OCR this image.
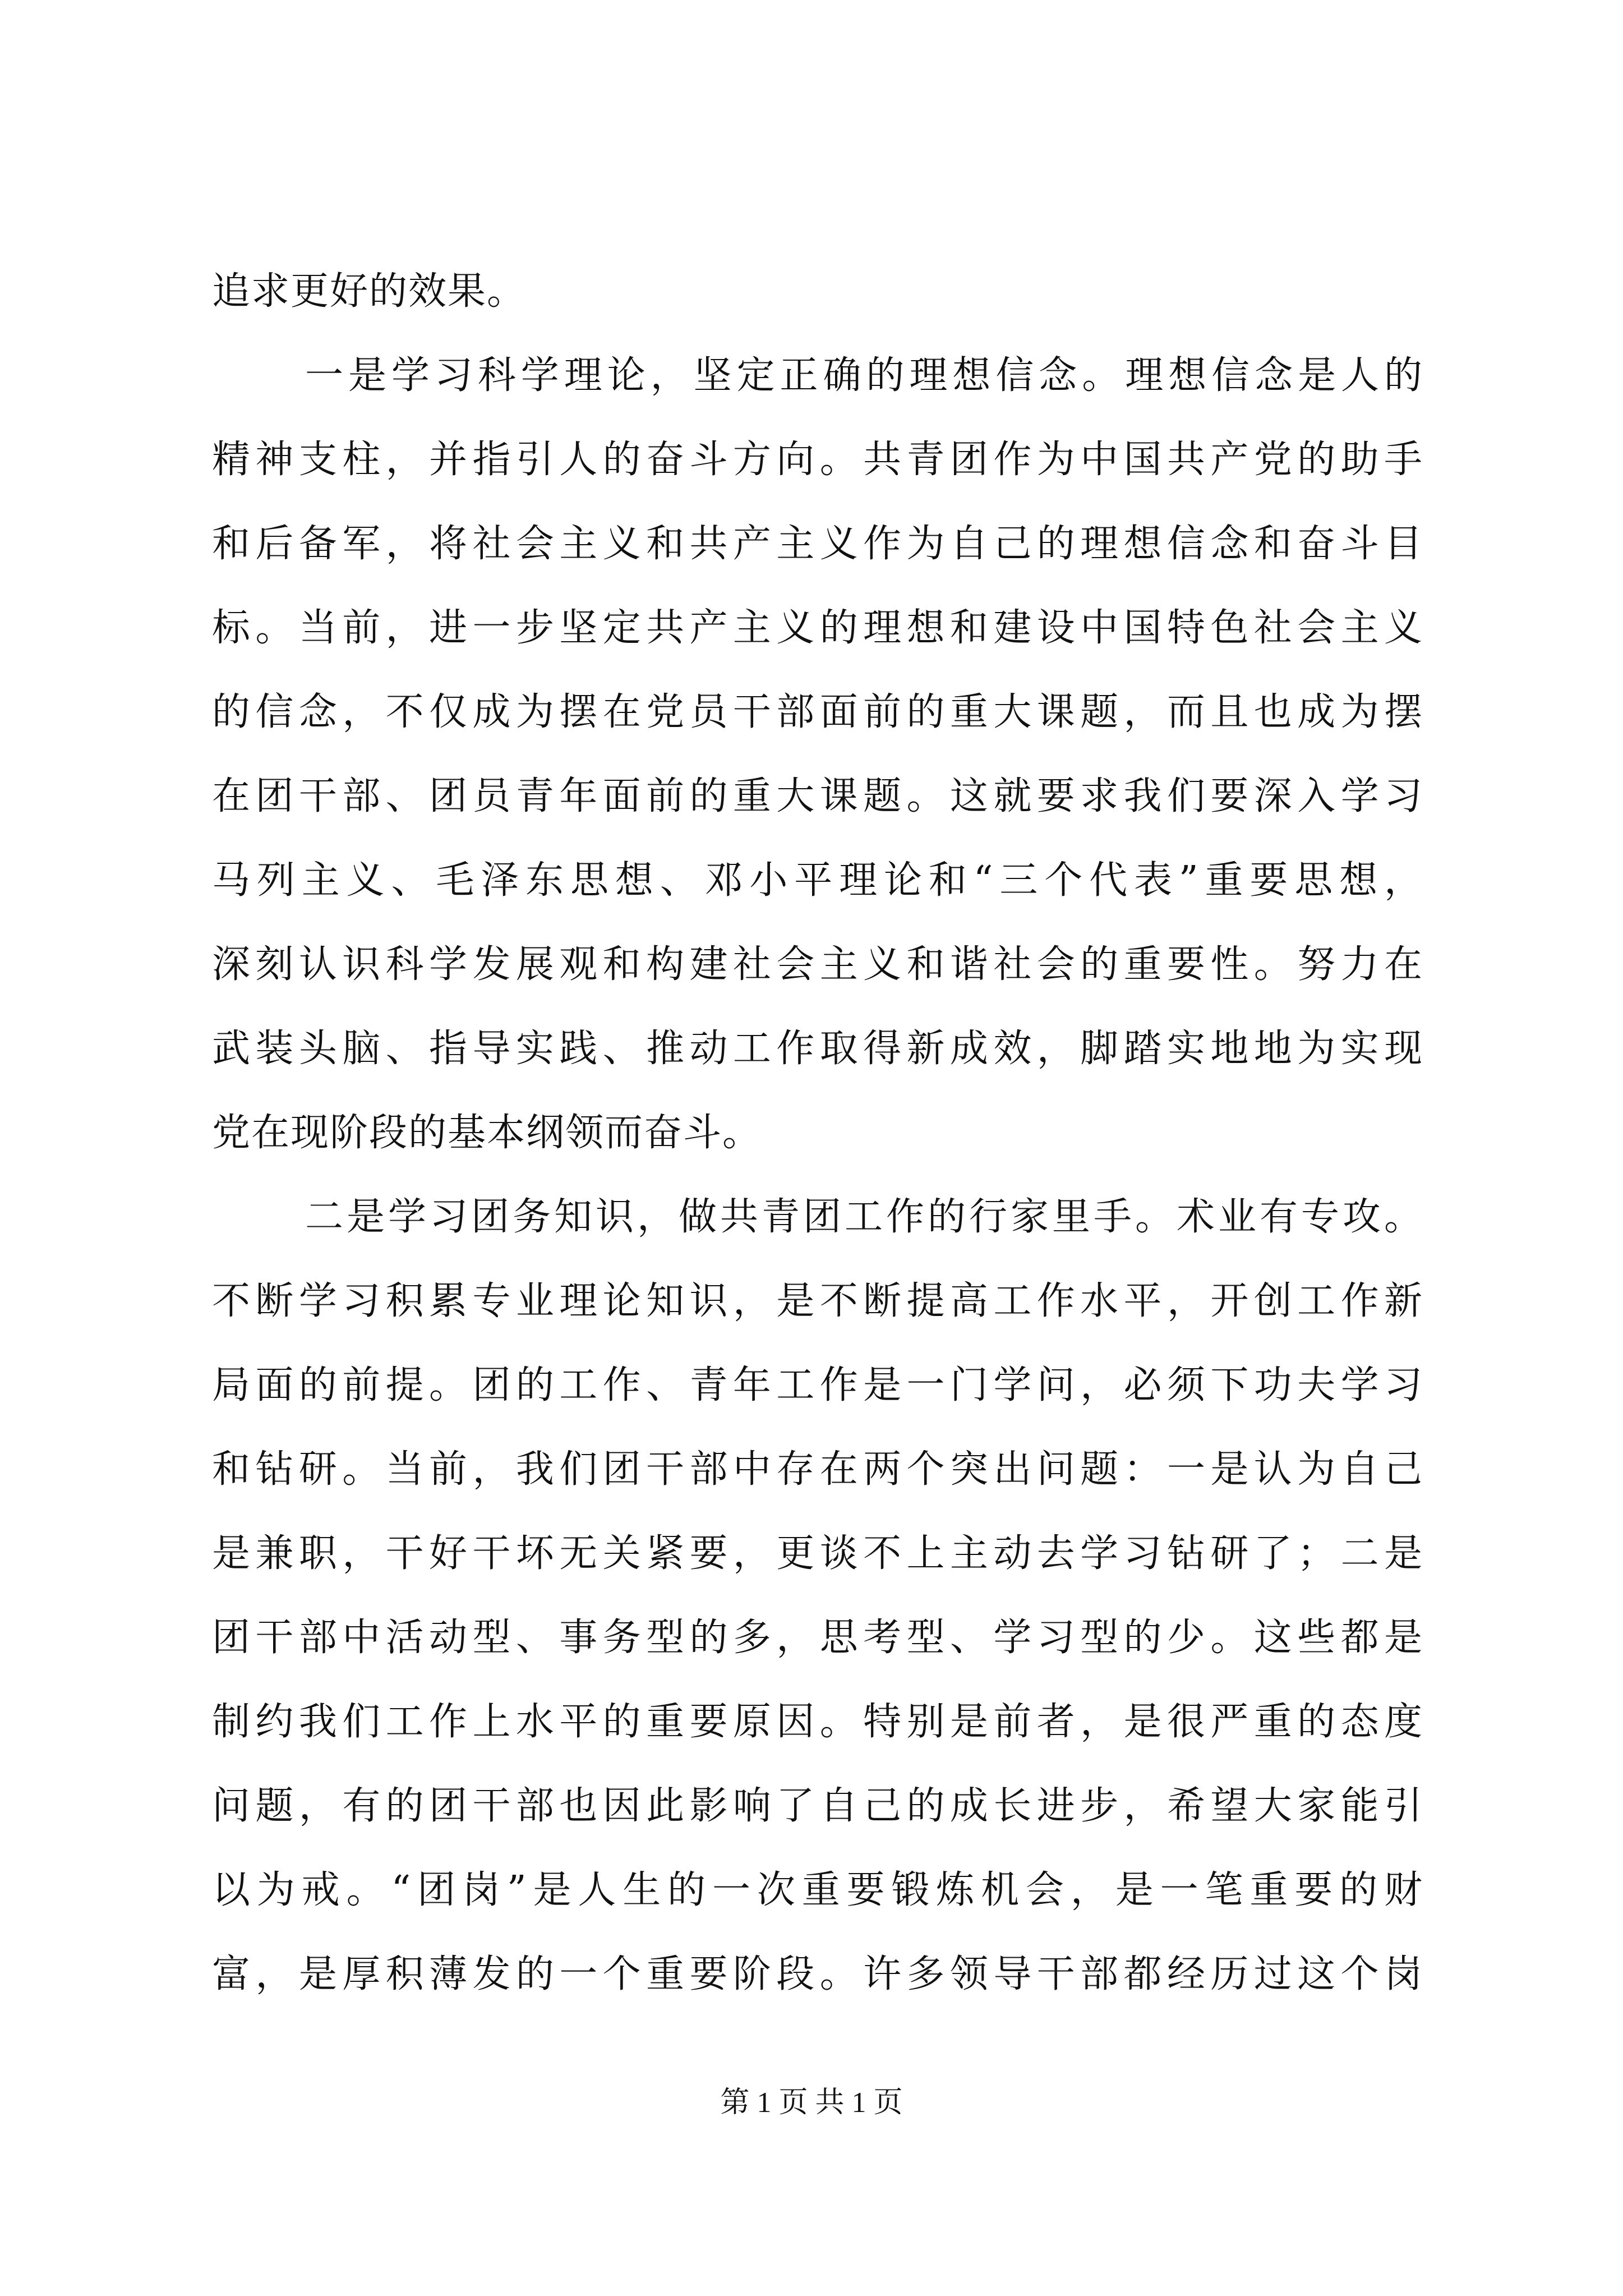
追求更好的效果。
一是学习科学理论，坚定正确的理想信念。理想信念是人的
精神支柱，并指引人的奋斗方向。共青团作为中国共产党的助手
和后备军，将社会主义和共产主义作为自己的理想信念和奋斗目
标。当前，进一步坚定共产主义的理想和建设中国特色社会主义
的信念，不仅成为摆在党员干部面前的重大课题，而且也成为摆
在团干部、团员青年面前的重大课题。这就要求我们要深入学习
马列主义、毛泽东思想、邓小平理论和“三个代表”重要思想，
深刻认识科学发展观和构建社会主义和谐社会的重要性。努力在
武装头脑、指导实践、推动工作取得新成效，脚踏实地地为实现
党在现阶段的基本纲领而奋斗。
二是学习团务知识，做共青团工作的行家里手。术业有专攻。
不断学习积累专业理论知识，是不断提高工作水平，开创工作新
局面的前提。团的工作、青年工作是一门学问，必须下功夫学习
和钻研。当前，我们团干部中存在两个突出问题：一是认为自己
是兼职，干好干坏无关紧要，更谈不上主动去学习钻研了；二是
团干部中活动型、事务型的多，思考型、学习型的少。这些都是
制约我们工作上水平的重要原因。特别是前者，是很严重的态度
问题，有的团干部也因此影响了自己的成长进步，希望大家能引
以为戒。“团岗”是人生的一次重要锻炼机会，是一笔重要的财
富，是厚积薄发的一个重要阶段。许多领导干部都经历过这个岗
第 1 页 共 1 页
